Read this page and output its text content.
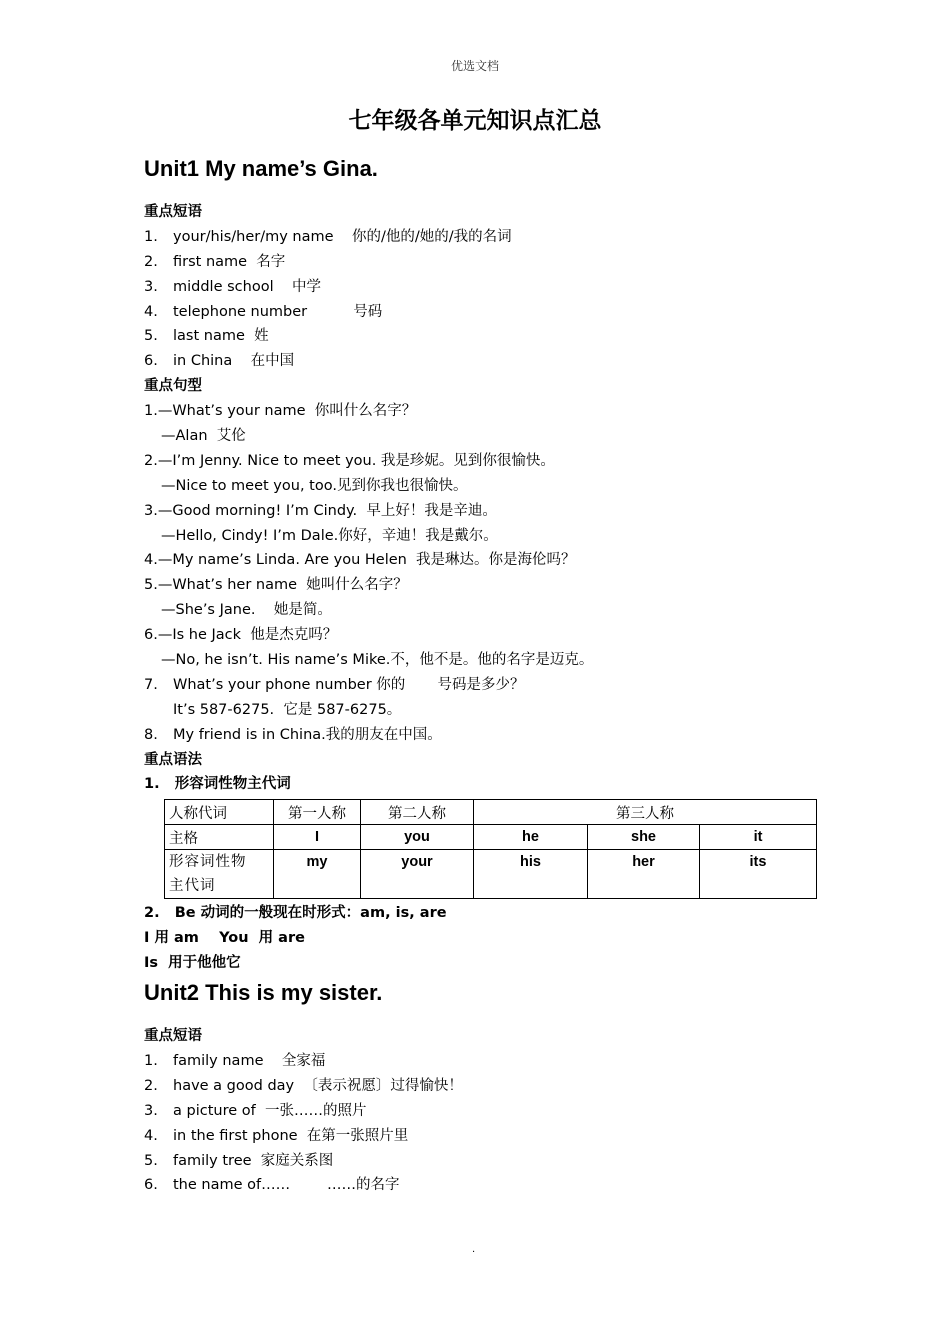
优选文档
七年级各单元知识点汇总
Unit1 My name’s Gina.
重点短语
1. your/his/her/my name    你的/他的/她的/我的名词
2. first name  名字
3. middle school    中学
4. telephone number          号码
5. last name  姓
6. in China    在中国
重点句型
1.—What’s your name  你叫什么名字？
—Alan  艾伦
2.—I’m Jenny. Nice to meet you. 我是珍妮。见到你很愉快。
—Nice to meet you, too.见到你我也很愉快。
3.—Good morning! I’m Cindy.  早上好！我是辛迪。
—Hello, Cindy! I’m Dale.你好，辛迪！我是戴尔。
4.—My name’s Linda. Are you Helen  我是琳达。你是海伦吗？
5.—What’s her name  她叫什么名字？
—She’s Jane.    她是简。
6.—Is he Jack  他是杰克吗？
—No, he isn’t. His name’s Mike.不，他不是。他的名字是迈克。
7. What’s your phone number 你的       号码是多少？
It’s 587-6275.  它是 587-6275。
8. My friend is in China.我的朋友在中国。
重点语法
1.   形容词性物主代词
人称代词	第一人称	第二人称	第三人称		
主格	I	you	he	she	it
形容词性物
主代词	my	your	his	her	its
2.   Be 动词的一般现在时形式：am, is, are
I 用 am    You  用 are
Is  用于他他它
Unit2 This is my sister.
重点短语
1. family name    全家福
2. have a good day  〔表示祝愿〕过得愉快！
3. a picture of  一张……的照片
4. in the first phone  在第一张照片里
5. family tree  家庭关系图
6. the name of……        ……的名字
.
